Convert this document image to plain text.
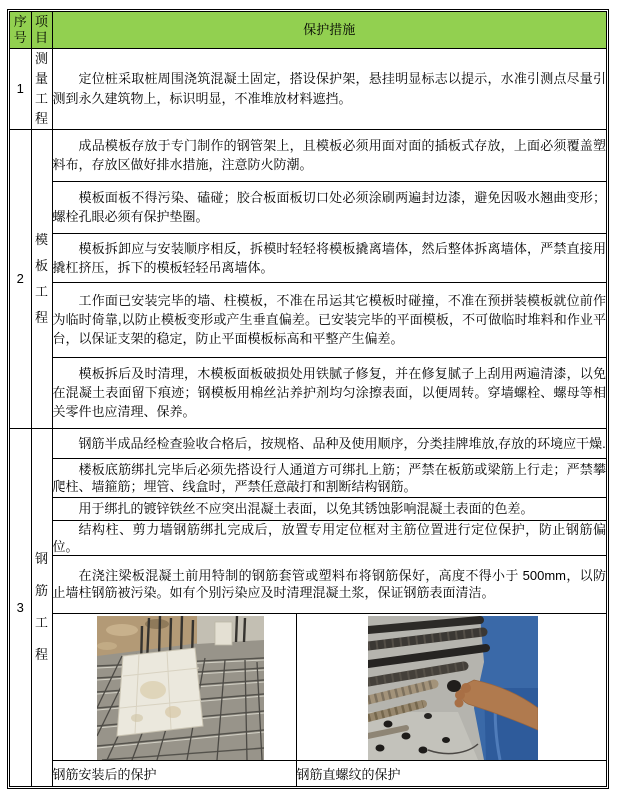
序号	项目	保护措施	
1	测量工程	定位桩采取桩周围浇筑混凝土固定，搭设保护架，悬挂明显标志以提示，水准引测点尽量引测到永久建筑物上，标识明显，不准堆放材料遮挡。	

2	模板工程	成品模板存放于专门制作的钢管架上，且模板必须用面对面的插板式存放，上面必须覆盖塑料布，存放区做好排水措施，注意防火防潮。	

		模板面板不得污染、磕碰；胶合板面板切口处必须涂刷两遍封边漆，避免因吸水翘曲变形；螺栓孔眼必须有保护垫圈。	

		模板拆卸应与安装顺序相反，拆模时轻轻将模板撬离墙体，然后整体拆离墙体，严禁直接用撬杠挤压，拆下的模板轻轻吊离墙体。	

		工作面已安装完毕的墙、柱模板，不准在吊运其它模板时碰撞，不准在预拼装模板就位前作为临时倚靠,以防止模板变形或产生垂直偏差。已安装完毕的平面模板，不可做临时堆料和作业平台，以保证支架的稳定，防止平面模板标高和平整产生偏差。	

		模板拆后及时清理，木模板面板破损处用铁腻子修复，并在修复腻子上刮用两遍清漆，以免在混凝土表面留下痕迹；钢模板用棉丝沾养护剂均匀涂擦表面，以便周转。穿墙螺栓、螺母等相关零件也应清理、保养。	

3	钢筋工程	钢筋半成品经检查验收合格后，按规格、品种及使用顺序，分类挂牌堆放,存放的环境应干燥.	

		楼板底筋绑扎完毕后必须先搭设行人通道方可绑扎上筋；严禁在板筋或梁筋上行走；严禁攀爬柱、墙箍筋；埋管、线盒时，严禁任意敲打和割断结构钢筋。	

		用于绑扎的镀锌铁丝不应突出混凝土表面，以免其锈蚀影响混凝土表面的色差。	

		结构柱、剪力墙钢筋绑扎完成后，放置专用定位框对主筋位置进行定位保护，防止钢筋偏位。	

		在浇注梁板混凝土前用特制的钢筋套管或塑料布将钢筋保好，高度不得小于 500mm，以防止墙柱钢筋被污染。如有个别污染应及时清理混凝土浆，保证钢筋表面清洁。	

		钢筋安装后的保护	钢筋直螺纹的保护
